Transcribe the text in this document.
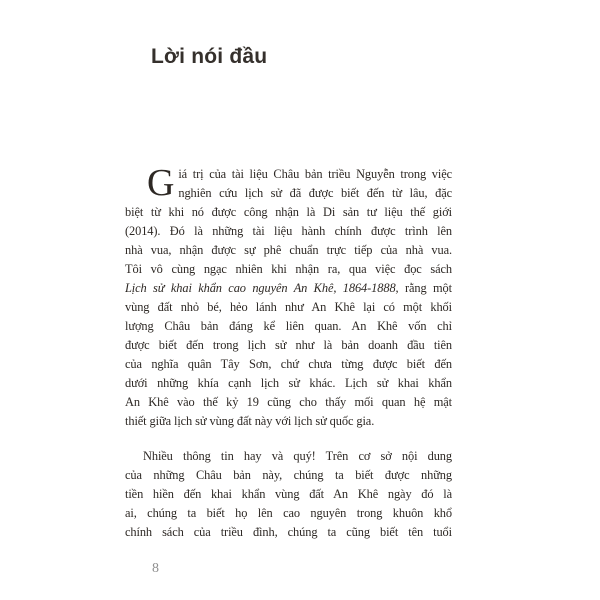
Lời nói đầu
G iá trị của tài liệu Châu bản triều Nguyễn trong việc
nghiên cứu lịch sử đã được biết đến từ lâu, đặc
biệt từ khi nó được công nhận là Di sản tư liệu thế giới
(2014). Đó là những tài liệu hành chính được trình lên
nhà vua, nhận được sự phê chuẩn trực tiếp của nhà vua.
Tôi vô cùng ngạc nhiên khi nhận ra, qua việc đọc sách
Lịch sử khai khẩn cao nguyên An Khê, 1864-1888, rằng một
vùng đất nhỏ bé, hẻo lánh như An Khê lại có một khối
lượng Châu bản đáng kể liên quan. An Khê vốn chỉ
được biết đến trong lịch sử như là bản doanh đầu tiên
của nghĩa quân Tây Sơn, chứ chưa từng được biết đến
dưới những khía cạnh lịch sử khác. Lịch sử khai khẩn
An Khê vào thế kỷ 19 cũng cho thấy mối quan hệ mật
thiết giữa lịch sử vùng đất này với lịch sử quốc gia.
Nhiều thông tin hay và quý! Trên cơ sở nội dung
của những Châu bản này, chúng ta biết được những
tiền hiền đến khai khẩn vùng đất An Khê ngày đó là
ai, chúng ta biết họ lên cao nguyên trong khuôn khổ
chính sách của triều đình, chúng ta cũng biết tên tuổi
8
